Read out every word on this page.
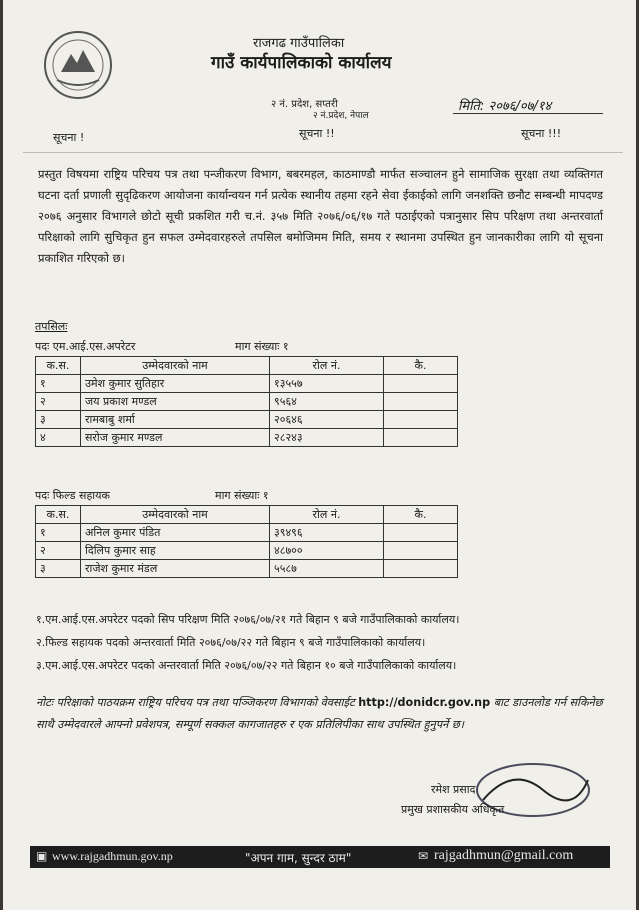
राजगढ गाउँपालिका
गाउँ कार्यपालिकाको कार्यालय
२ नं. प्रदेश, सप्तरी
२ नं.प्रदेश, नेपाल
मिति: २०७६/०७/१४
सूचना !	सूचना !!	सूचना !!!
प्रस्तुत विषयमा राष्ट्रिय परिचय पत्र तथा पन्जीकरण विभाग, बबरमहल, काठमाण्डौ मार्फत सञ्चालन हुने सामाजिक सुरक्षा तथा व्यक्तिगत घटना दर्ता प्रणाली सुदृढिकरण आयोजना कार्यान्वयन गर्न प्रत्येक स्थानीय तहमा रहने सेवा ईकाईको लागि जनशक्ति छनौट सम्बन्धी मापदण्ड २०७६ अनुसार विभागले छोटो सूची प्रकशित गरी च.नं. ३५७ मिति २०७६/०६/१७ गते पठाईएको पत्रानुसार सिप परिक्षण तथा अन्तरवार्ता परिक्षाको लागि सुचिकृत हुन सफल उम्मेदवारहरुले तपसिल बमोजिमम मिति, समय र स्थानमा उपस्थित हुन जानकारीका लागि यो सूचना प्रकाशित गरिएको छ।
तपसिलः
पदः एम.आई.एस.अपरेटर	माग संख्याः १
क.स.	उम्मेदवारको नाम	रोल नं.	कै.
१	उमेश कुमार सुतिहार	१३५५७	
२	जय प्रकाश मण्डल	९५६४	
३	रामबाबु शर्मा	२०६४६	
४	सरोज कुमार मण्डल	२८२४३	
पदः फिल्ड सहायक	माग संख्याः १
क.स.	उम्मेदवारको नाम	रोल नं.	कै.
१	अनिल कुमार पंडित	३९४९६	
२	दिलिप कुमार साह	४८७००	
३	राजेश कुमार मंडल	५५८७	
१.एम.आई.एस.अपरेटर पदको सिप परिक्षण मिति २०७६/०७/२१ गते बिहान ९ बजे गाउँपालिकाको कार्यालय।
२.फिल्ड सहायक पदको अन्तरवार्ता मिति २०७६/०७/२२ गते बिहान ९ बजे गाउँपालिकाको कार्यालय।
३.एम.आई.एस.अपरेटर पदको अन्तरवार्ता मिति २०७६/०७/२२ गते बिहान १० बजे गाउँपालिकाको कार्यालय।
नोटः परिक्षाको पाठयक्रम राष्ट्रिय परिचय पत्र तथा पञ्जिकरण विभागको वेवसाईट http://donidcr.gov.np बाट डाउनलोड गर्न सकिनेछ साथै उम्मेदवारले आफ्नो प्रवेशपत्र, सम्पूर्ण सक्कल कागजातहरु र एक प्रतिलिपीका साथ उपस्थित हुनुपर्ने छ।
रमेश प्रसाद
प्रमुख प्रशासकीय अधिकृत
▣ www.rajgadhmun.gov.np	"अपन गाम, सुन्दर ठाम"	✉ rajgadhmun@gmail.com
